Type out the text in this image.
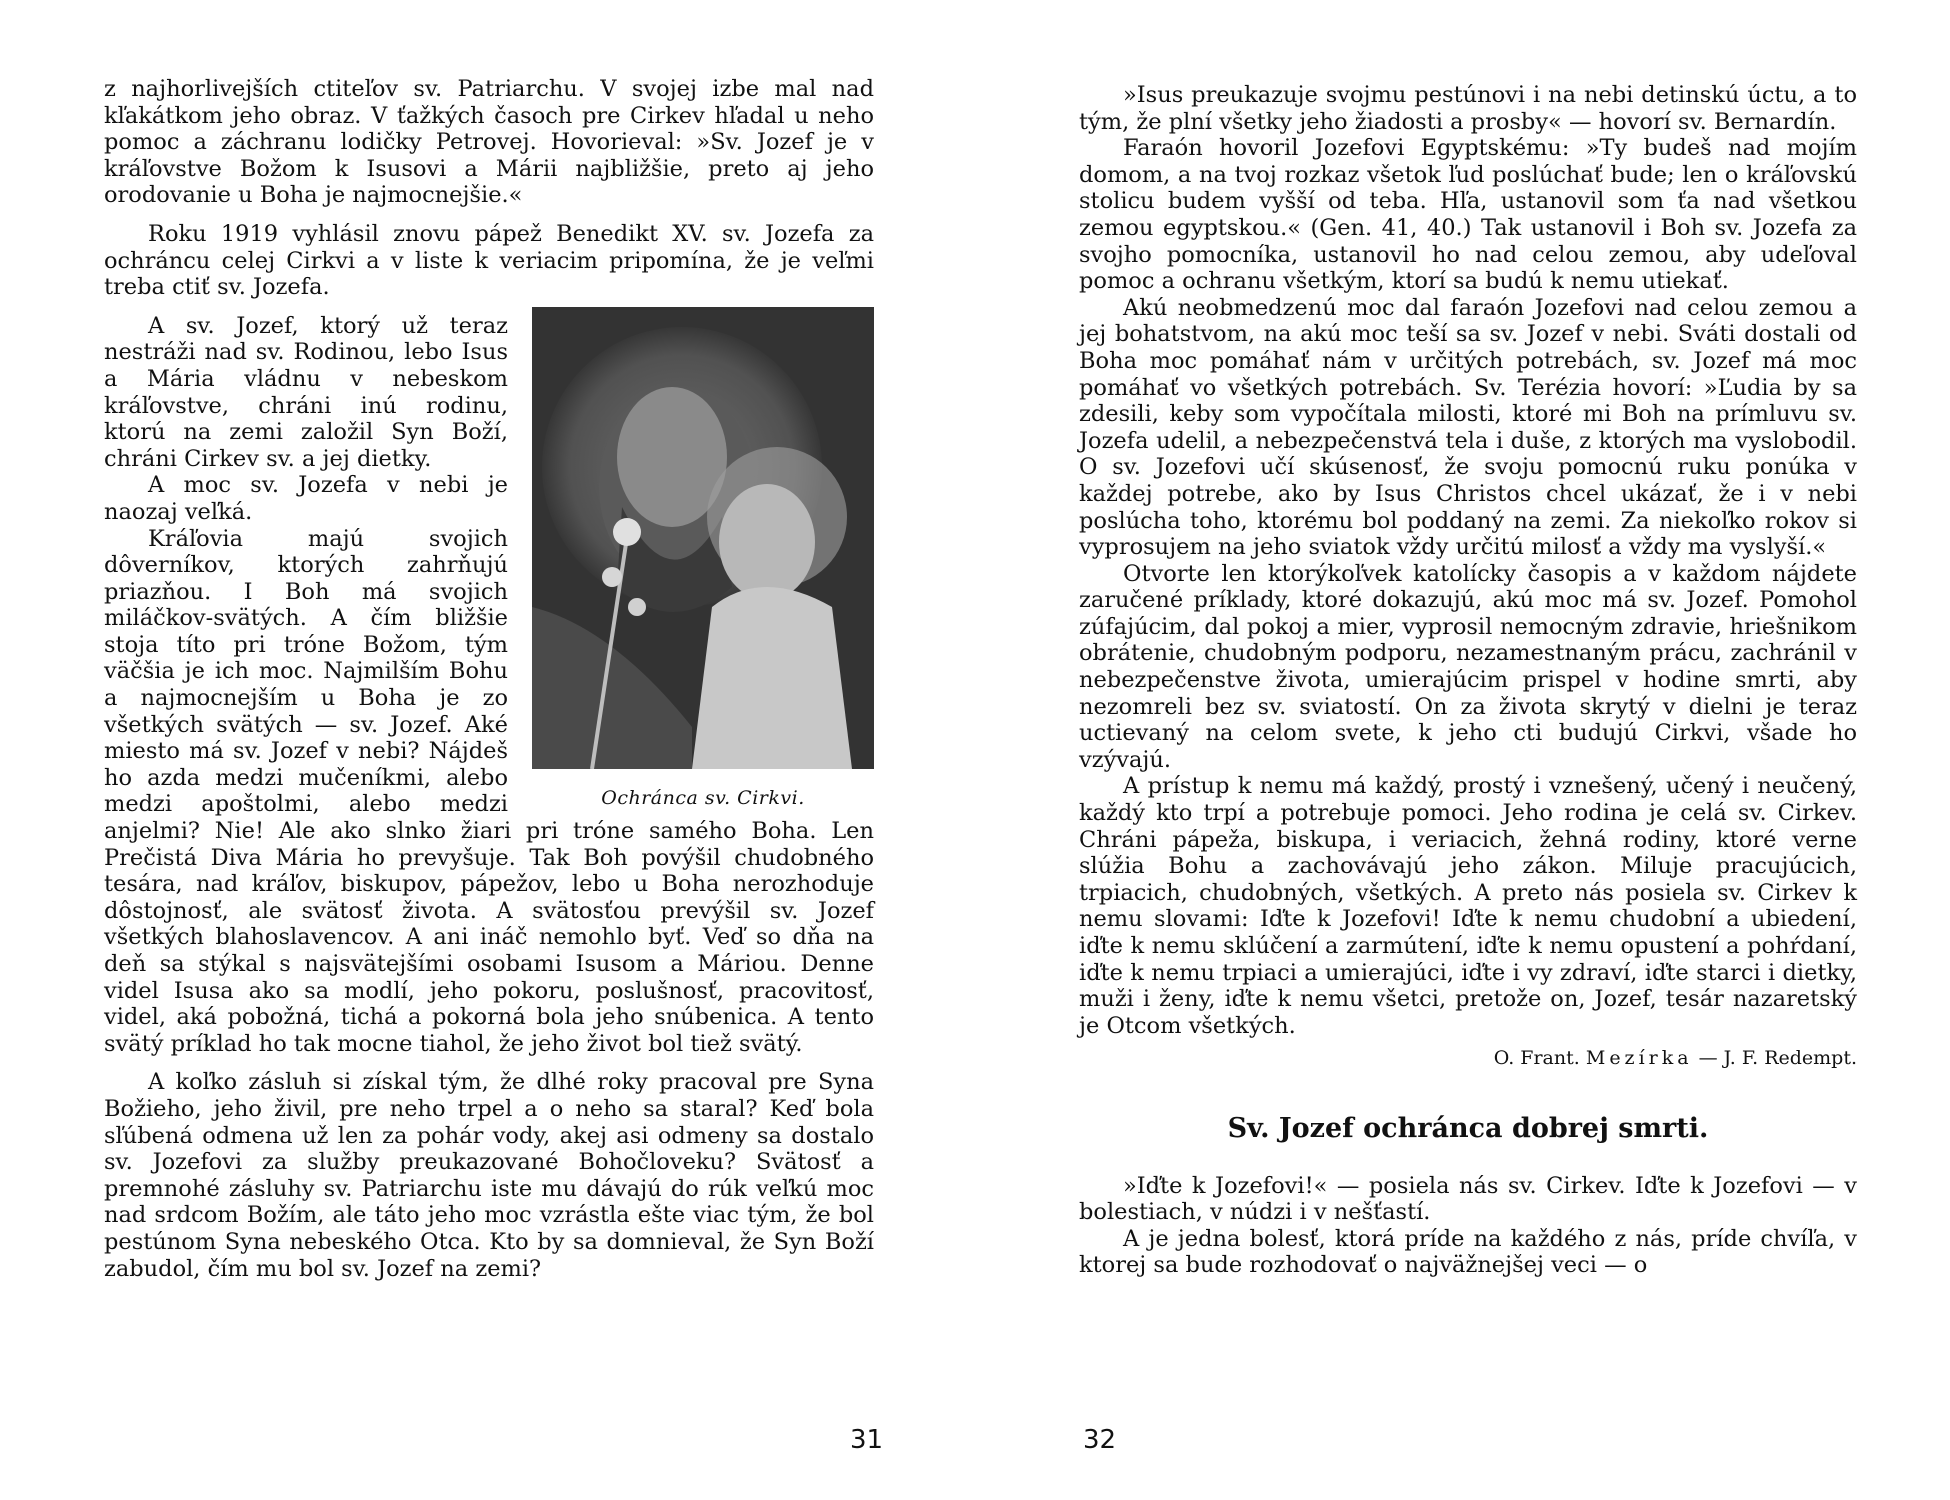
z najhorlivejších ctiteľov sv. Patriarchu. V svojej izbe mal nad kľakátkom jeho obraz. V ťažkých časoch pre Cirkev hľadal u neho pomoc a záchranu lodičky Petrovej. Hovorieval: »Sv. Jozef je v kráľovstve Božom k Isusovi a Márii najbližšie, preto aj jeho orodovanie u Boha je najmocnejšie.«

Roku 1919 vyhlásil znovu pápež Benedikt XV. sv. Jozefa za ochráncu celej Cirkvi a v liste k veriacim pripomína, že je veľmi treba ctiť sv. Jozefa.

Ochránca sv. Cirkvi.

A sv. Jozef, ktorý už teraz nestráži nad sv. Rodinou, lebo Isus a Mária vládnu v nebeskom kráľovstve, chráni inú rodinu, ktorú na zemi založil Syn Boží, chráni Cirkev sv. a jej dietky.

A moc sv. Jozefa v nebi je naozaj veľká.

Kráľovia majú svojich dôverníkov, ktorých zahrňujú priazňou. I Boh má svojich miláčkov-svätých. A čím bližšie stoja títo pri tróne Božom, tým väčšia je ich moc. Najmilším Bohu a najmocnejším u Boha je zo všetkých svätých — sv. Jozef. Aké miesto má sv. Jozef v nebi? Nájdeš ho azda medzi mučeníkmi, alebo medzi apoštolmi, alebo medzi anjelmi? Nie! Ale ako slnko žiari pri tróne samého Boha. Len Prečistá Diva Mária ho prevyšuje. Tak Boh povýšil chudobného tesára, nad kráľov, biskupov, pápežov, lebo u Boha nerozhoduje dôstojnosť, ale svätosť života. A svätosťou prevýšil sv. Jozef všetkých blahoslavencov. A ani ináč nemohlo byť. Veď so dňa na deň sa stýkal s najsvätejšími osobami Isusom a Máriou. Denne videl Isusa ako sa modlí, jeho pokoru, poslušnosť, pracovitosť, videl, aká pobožná, tichá a pokorná bola jeho snúbenica. A tento svätý príklad ho tak mocne tiahol, že jeho život bol tiež svätý.

A koľko zásluh si získal tým, že dlhé roky pracoval pre Syna Božieho, jeho živil, pre neho trpel a o neho sa staral? Keď bola sľúbená odmena už len za pohár vody, akej asi odmeny sa dostalo sv. Jozefovi za služby preukazované Bohočloveku? Svätosť a premnohé zásluhy sv. Patriarchu iste mu dávajú do rúk veľkú moc nad srdcom Božím, ale táto jeho moc vzrástla ešte viac tým, že bol pestúnom Syna nebeského Otca. Kto by sa domnieval, že Syn Boží zabudol, čím mu bol sv. Jozef na zemi?

31

»Isus preukazuje svojmu pestúnovi i na nebi detinskú úctu, a to tým, že plní všetky jeho žiadosti a prosby« — hovorí sv. Bernardín.

Faraón hovoril Jozefovi Egyptskému: »Ty budeš nad mojím domom, a na tvoj rozkaz všetok ľud poslúchať bude; len o kráľovskú stolicu budem vyšší od teba. Hľa, ustanovil som ťa nad všetkou zemou egyptskou.« (Gen. 41, 40.) Tak ustanovil i Boh sv. Jozefa za svojho pomocníka, ustanovil ho nad celou zemou, aby udeľoval pomoc a ochranu všetkým, ktorí sa budú k nemu utiekať.

Akú neobmedzenú moc dal faraón Jozefovi nad celou zemou a jej bohatstvom, na akú moc teší sa sv. Jozef v nebi. Sváti dostali od Boha moc pomáhať nám v určitých potrebách, sv. Jozef má moc pomáhať vo všetkých potrebách. Sv. Terézia hovorí: »Ľudia by sa zdesili, keby som vypočítala milosti, ktoré mi Boh na prímluvu sv. Jozefa udelil, a nebezpečenstvá tela i duše, z ktorých ma vyslobodil. O sv. Jozefovi učí skúsenosť, že svoju pomocnú ruku ponúka v každej potrebe, ako by Isus Christos chcel ukázať, že i v nebi poslúcha toho, ktorému bol poddaný na zemi. Za niekoľko rokov si vyprosujem na jeho sviatok vždy určitú milosť a vždy ma vyslyší.«

Otvorte len ktorýkoľvek katolícky časopis a v každom nájdete zaručené príklady, ktoré dokazujú, akú moc má sv. Jozef. Pomohol zúfajúcim, dal pokoj a mier, vyprosil nemocným zdravie, hriešnikom obrátenie, chudobným podporu, nezamestnaným prácu, zachránil v nebezpečenstve života, umierajúcim prispel v hodine smrti, aby nezomreli bez sv. sviatostí. On za života skrytý v dielni je teraz uctievaný na celom svete, k jeho cti budujú Cirkvi, všade ho vzývajú.

A prístup k nemu má každý, prostý i vznešený, učený i neučený, každý kto trpí a potrebuje pomoci. Jeho rodina je celá sv. Cirkev. Chráni pápeža, biskupa, i veriacich, žehná rodiny, ktoré verne slúžia Bohu a zachovávajú jeho zákon. Miluje pracujúcich, trpiacich, chudobných, všetkých. A preto nás posiela sv. Cirkev k nemu slovami: Iďte k Jozefovi! Iďte k nemu chudobní a ubiedení, iďte k nemu sklúčení a zarmútení, iďte k nemu opustení a pohŕdaní, iďte k nemu trpiaci a umierajúci, iďte i vy zdraví, iďte starci i dietky, muži i ženy, iďte k nemu všetci, pretože on, Jozef, tesár nazaretský je Otcom všetkých.

O. Frant. Mezírka — J. F. Redempt.
Sv. Jozef ochránca dobrej smrti.

»Iďte k Jozefovi!« — posiela nás sv. Cirkev. Iďte k Jozefovi — v bolestiach, v núdzi i v nešťastí.

A je jedna bolesť, ktorá príde na každého z nás, príde chvíľa, v ktorej sa bude rozhodovať o najväžnejšej veci — o

32
